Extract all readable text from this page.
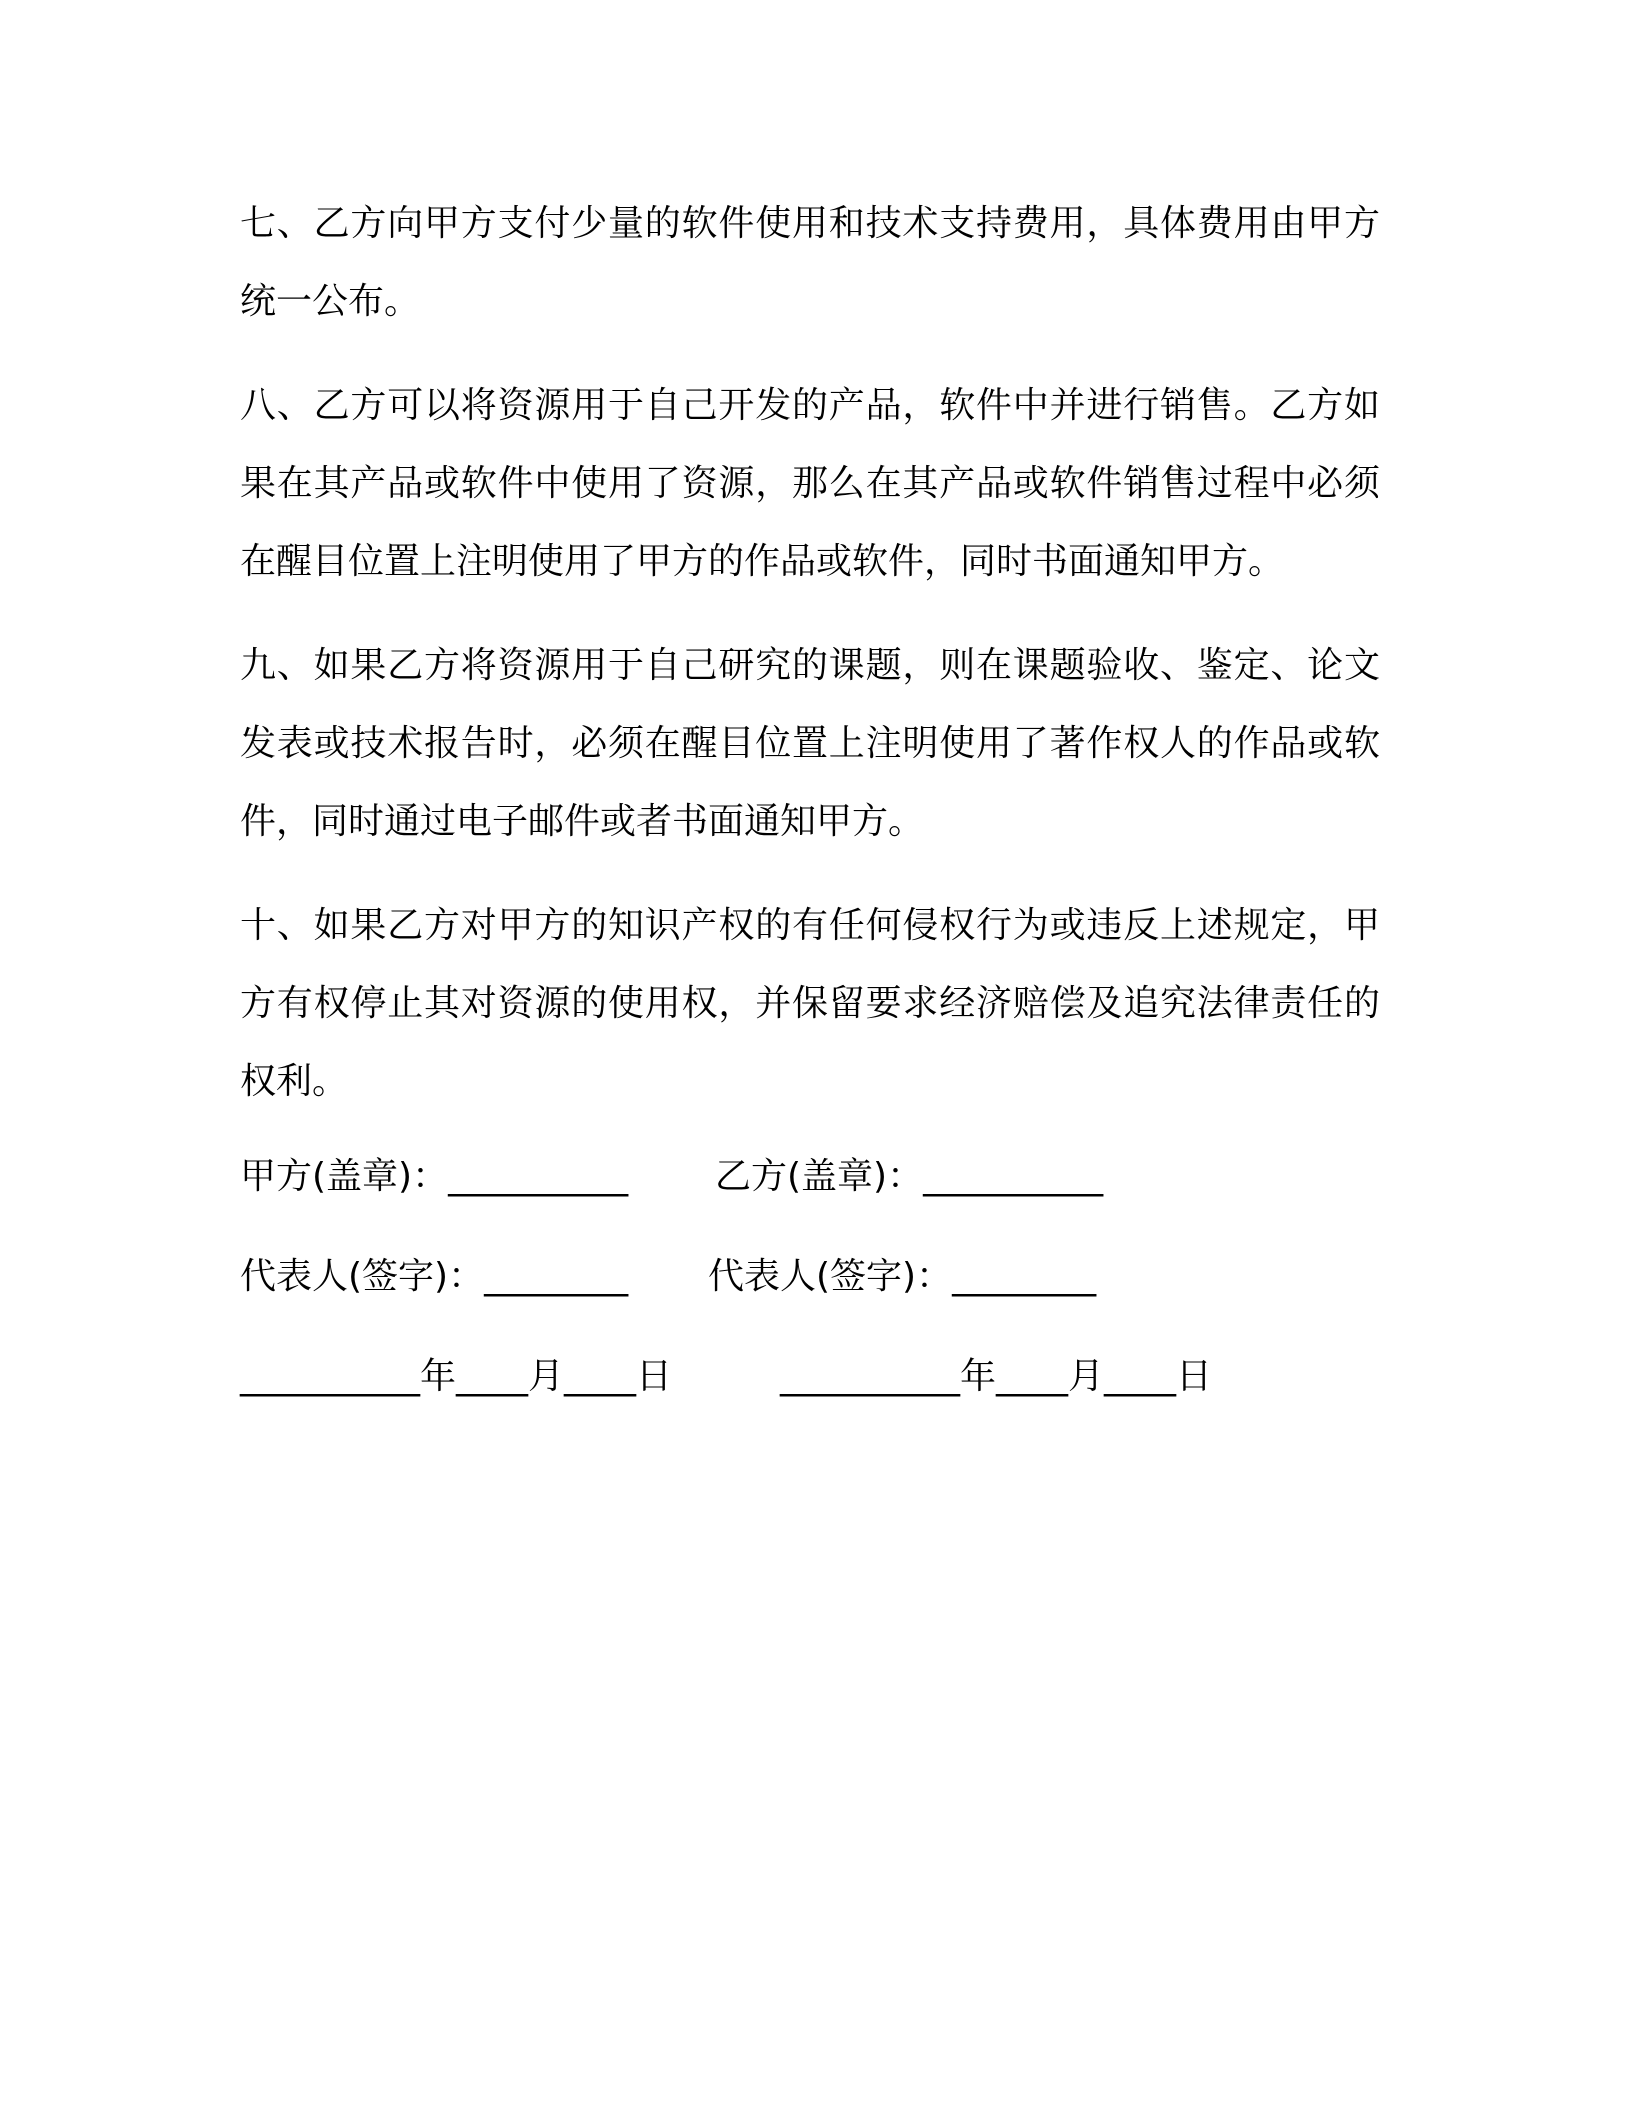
七、乙方向甲方支付少量的软件使用和技术支持费用，具体费用由甲方统一公布。

八、乙方可以将资源用于自己开发的产品，软件中并进行销售。乙方如果在其产品或软件中使用了资源，那么在其产品或软件销售过程中必须在醒目位置上注明使用了甲方的作品或软件，同时书面通知甲方。

九、如果乙方将资源用于自己研究的课题，则在课题验收、鉴定、论文发表或技术报告时，必须在醒目位置上注明使用了著作权人的作品或软件，同时通过电子邮件或者书面通知甲方。

十、如果乙方对甲方的知识产权的有任何侵权行为或违反上述规定，甲方有权停止其对资源的使用权，并保留要求经济赔偿及追究法律责任的权利。

甲方(盖章)：__________

乙方(盖章)：__________

代表人(签字)：________

代表人(签字)：________

__________年____月____日

	__________年____月____日
